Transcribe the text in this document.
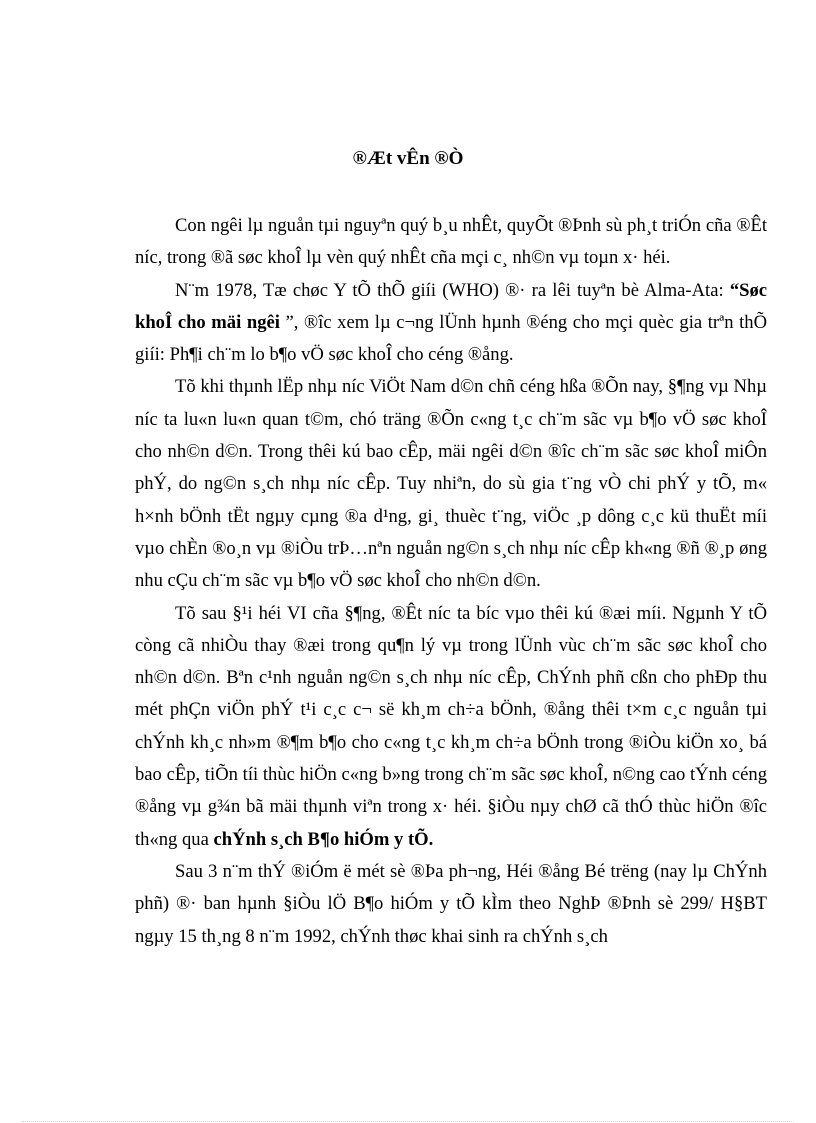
®Æt vÊn ®Ò

Con ngêi lµ nguån tµi nguyªn quý b¸u nhÊt, quyÕt ®Þnh sù ph¸t triÓn cña ®Êt níc, trong ®ã søc khoÎ lµ vèn quý nhÊt cña mçi c¸ nh©n vµ toµn x· héi.

N¨m 1978, Tæ chøc Y tÕ thÕ giíi (WHO) ®· ra lêi tuyªn bè Alma-Ata: “Søc khoÎ cho mäi ngêi ”, ®îc xem lµ c¬ng lÜnh hµnh ®éng cho mçi quèc gia trªn thÕ giíi: Ph¶i ch¨m lo b¶o vÖ søc khoÎ cho céng ®ång.

Tõ khi thµnh lËp nhµ níc ViÖt Nam d©n chñ céng hßa ®Õn nay, §¶ng vµ Nhµ níc ta lu«n lu«n quan t©m, chó träng ®Õn c«ng t¸c ch¨m sãc vµ b¶o vÖ søc khoÎ cho nh©n d©n. Trong thêi kú bao cÊp, mäi ngêi d©n ®îc ch¨m sãc søc khoÎ miÔn phÝ, do ng©n s¸ch nhµ níc cÊp. Tuy nhiªn, do sù gia t¨ng vÒ chi phÝ y tÕ, m« h×nh bÖnh tËt ngµy cµng ®a d¹ng, gi¸ thuèc t¨ng, viÖc ¸p dông c¸c kü thuËt míi vµo chÈn ®o¸n vµ ®iÒu trÞ…nªn nguån ng©n s¸ch nhµ níc cÊp kh«ng ®ñ ®¸p øng nhu cÇu ch¨m sãc vµ b¶o vÖ søc khoÎ cho nh©n d©n.

Tõ sau §¹i héi VI cña §¶ng, ®Êt níc ta bíc vµo thêi kú ®æi míi. Ngµnh Y tÕ còng cã nhiÒu thay ®æi trong qu¶n lý vµ trong lÜnh vùc ch¨m sãc søc khoÎ cho nh©n d©n. Bªn c¹nh nguån ng©n s¸ch nhµ níc cÊp, ChÝnh phñ cßn cho phÐp thu mét phÇn viÖn phÝ t¹i c¸c c¬ së kh¸m ch÷a bÖnh, ®ång thêi t×m c¸c nguån tµi chÝnh kh¸c nh»m ®¶m b¶o cho c«ng t¸c kh¸m ch÷a bÖnh trong ®iÒu kiÖn xo¸ bá bao cÊp, tiÕn tíi thùc hiÖn c«ng b»ng trong ch¨m sãc søc khoÎ, n©ng cao tÝnh céng ®ång vµ g¾n bã mäi thµnh viªn trong x· héi. §iÒu nµy chØ cã thÓ thùc hiÖn ®îc th«ng qua chÝnh s¸ch B¶o hiÓm y tÕ.

Sau 3 n¨m thÝ ®iÓm ë mét sè ®Þa ph¬ng, Héi ®ång Bé trëng (nay lµ ChÝnh phñ) ®· ban hµnh §iÒu lÖ B¶o hiÓm y tÕ kÌm theo NghÞ ®Þnh sè 299/ H§BT ngµy 15 th¸ng 8 n¨m 1992, chÝnh thøc khai sinh ra chÝnh s¸ch
